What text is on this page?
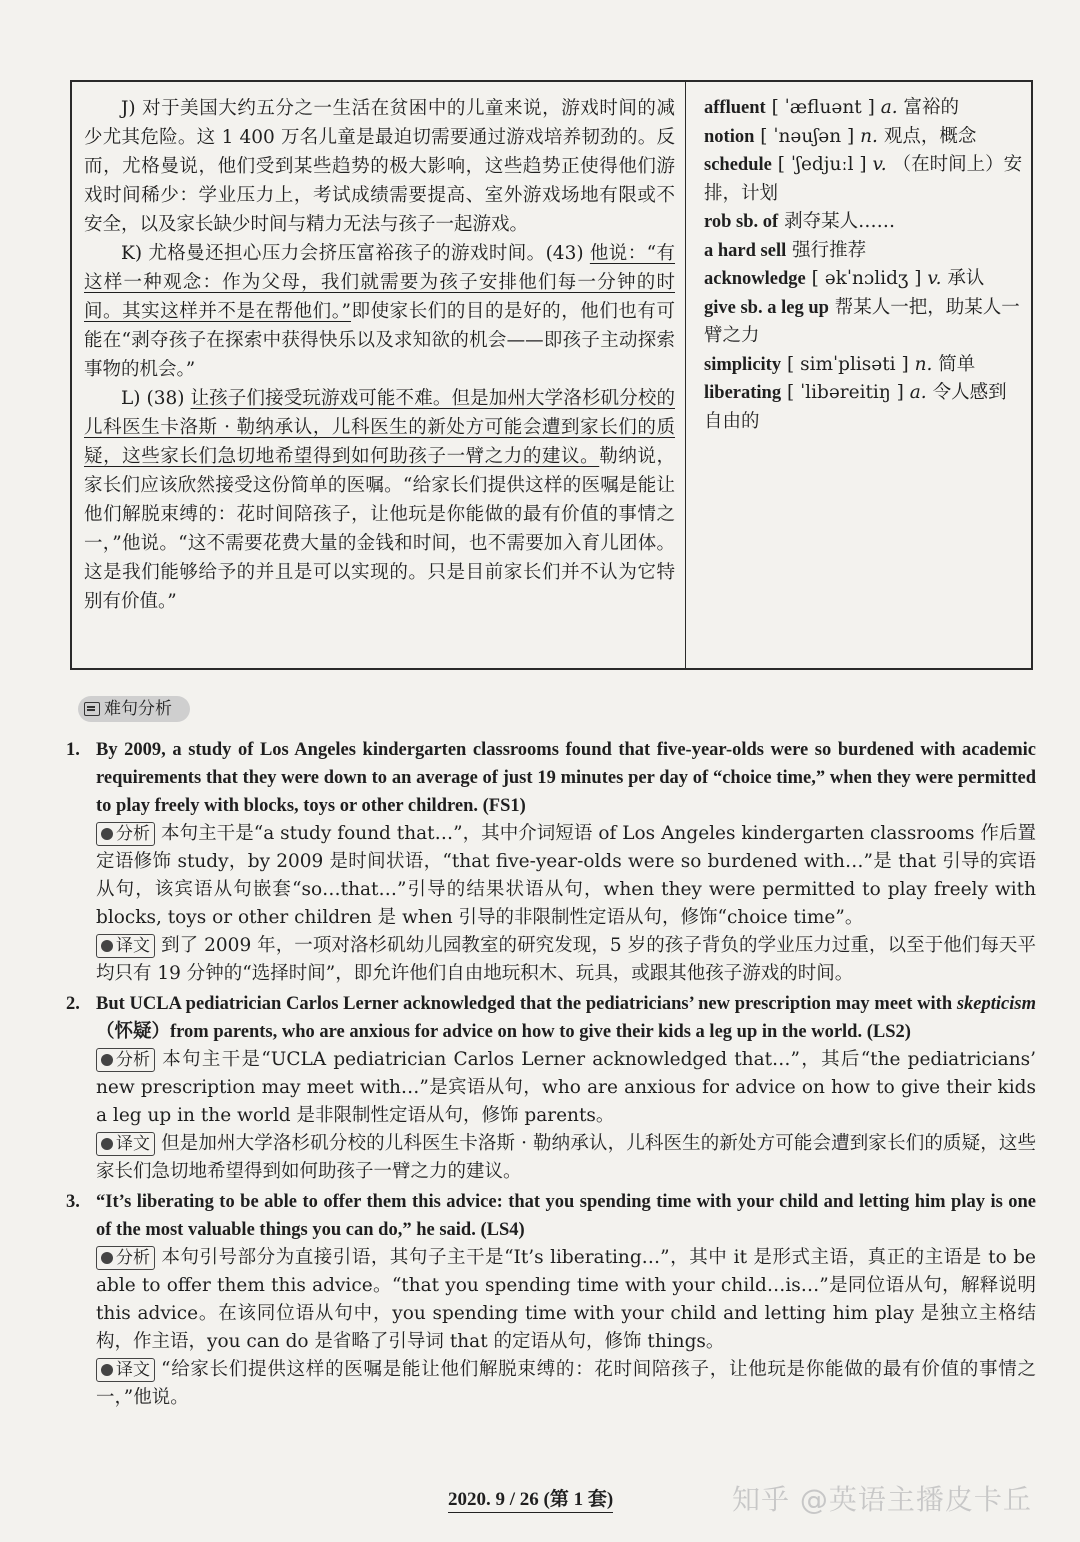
J) 对于美国大约五分之一生活在贫困中的儿童来说，游戏时间的减少尤其危险。这 1 400 万名儿童是最迫切需要通过游戏培养韧劲的。反而，尤格曼说，他们受到某些趋势的极大影响，这些趋势正使得他们游戏时间稀少：学业压力上，考试成绩需要提高、室外游戏场地有限或不安全，以及家长缺少时间与精力无法与孩子一起游戏。

K) 尤格曼还担心压力会挤压富裕孩子的游戏时间。(43) 他说：“有这样一种观念：作为父母，我们就需要为孩子安排他们每一分钟的时间。其实这样并不是在帮他们。”即使家长们的目的是好的，他们也有可能在“剥夺孩子在探索中获得快乐以及求知欲的机会——即孩子主动探索事物的机会。”

L) (38) 让孩子们接受玩游戏可能不难。但是加州大学洛杉矶分校的儿科医生卡洛斯 · 勒纳承认，儿科医生的新处方可能会遭到家长们的质疑，这些家长们急切地希望得到如何助孩子一臂之力的建议。勒纳说，家长们应该欣然接受这份简单的医嘱。“给家长们提供这样的医嘱是能让他们解脱束缚的：花时间陪孩子，让他玩是你能做的最有价值的事情之一，”他说。“这不需要花费大量的金钱和时间，也不需要加入育儿团体。这是我们能够给予的并且是可以实现的。只是目前家长们并不认为它特别有价值。”

affluent [ ˈæfluənt ] a. 富裕的
notion [ ˈnəuʃən ] n. 观点，概念
schedule [ ˈʃedjuːl ] v. （在时间上）安排，计划
rob sb. of 剥夺某人……
a hard sell 强行推荐
acknowledge [ əkˈnɔlidʒ ] v. 承认
give sb. a leg up 帮某人一把，助某人一臂之力
simplicity [ simˈplisəti ] n. 简单
liberating [ ˈlibəreitiŋ ] a. 令人感到自由的
难句分析
1. By 2009, a study of Los Angeles kindergarten classrooms found that five-year-olds were so burdened with academic requirements that they were down to an average of just 19 minutes per day of “choice time,” when they were permitted to play freely with blocks, toys or other children. (FS1)
分析 本句主干是“a study found that…”，其中介词短语 of Los Angeles kindergarten classrooms 作后置定语修饰 study，by 2009 是时间状语，“that five-year-olds were so burdened with…”是 that 引导的宾语从句，该宾语从句嵌套“so…that…”引导的结果状语从句，when they were permitted to play freely with blocks, toys or other children 是 when 引导的非限制性定语从句，修饰“choice time”。
译文 到了 2009 年，一项对洛杉矶幼儿园教室的研究发现，5 岁的孩子背负的学业压力过重，以至于他们每天平均只有 19 分钟的“选择时间”，即允许他们自由地玩积木、玩具，或跟其他孩子游戏的时间。
2. But UCLA pediatrician Carlos Lerner acknowledged that the pediatricians’ new prescription may meet with skepticism （怀疑）from parents, who are anxious for advice on how to give their kids a leg up in the world. (LS2)
分析 本句主干是“UCLA pediatrician Carlos Lerner acknowledged that…”，其后“the pediatricians’ new prescription may meet with…”是宾语从句，who are anxious for advice on how to give their kids a leg up in the world 是非限制性定语从句，修饰 parents。
译文 但是加州大学洛杉矶分校的儿科医生卡洛斯 · 勒纳承认，儿科医生的新处方可能会遭到家长们的质疑，这些家长们急切地希望得到如何助孩子一臂之力的建议。
3. “It’s liberating to be able to offer them this advice: that you spending time with your child and letting him play is one of the most valuable things you can do,” he said. (LS4)
分析 本句引号部分为直接引语，其句子主干是“It’s liberating…”，其中 it 是形式主语，真正的主语是 to be able to offer them this advice。“that you spending time with your child…is…”是同位语从句，解释说明 this advice。在该同位语从句中，you spending time with your child and letting him play 是独立主格结构，作主语，you can do 是省略了引导词 that 的定语从句，修饰 things。
译文 “给家长们提供这样的医嘱是能让他们解脱束缚的：花时间陪孩子，让他玩是你能做的最有价值的事情之一，”他说。
2020. 9 / 26 (第 1 套)	知乎 @英语主播皮卡丘
